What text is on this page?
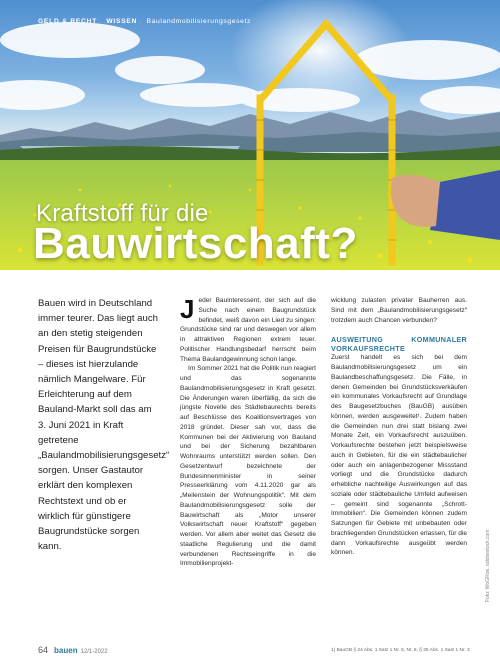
GELD & RECHT . WISSEN . Baulandmobilisierungsgesetz
Kraftstoff für die
Bauwirtschaft?
Bauen wird in Deutschland immer teurer. Das liegt auch an den stetig steigenden Preisen für Baugrundstücke – dieses ist hierzulande nämlich Mangelware. Für Erleichterung auf dem Bauland-Markt soll das am 3. Juni 2021 in Kraft getretene „Baulandmobilisierungsgesetz“ sorgen. Unser Gastautor erklärt den komplexen Rechtstext und ob er wirklich für günstigere Baugrundstücke sorgen kann.
J eder Bauinteressent, der sich auf die Suche nach einem Baugrundstück befindet, weiß davon ein Lied zu singen: Grundstücke sind rar und deswegen vor allem in attraktiven Regionen extrem teuer. Politischer Handlungsbedarf herrscht beim Thema Baulandgewinnung schon lange.

Im Sommer 2021 hat die Politik nun reagiert und das sogenannte Baulandmobilisierungsgesetz in Kraft gesetzt. Die Änderungen waren überfällig, da sich die jüngste Novelle des Städtebaurechts bereits auf Beschlüsse des Koalitionsvertrages von 2018 gründet. Dieser sah vor, dass die Kommunen bei der Aktivierung von Bauland und bei der Sicherung bezahlbaren Wohnraums unterstützt werden sollen. Den Gesetzentwurf bezeichnete der Bundesinnenminister in seiner Presseerklärung vom 4.11.2020 gar als „Meilenstein der Wohnungspolitik“. Mit dem Baulandmobilisierungsgesetz solle der Bauwirtschaft als „Motor unserer Volkswirtschaft neuer Kraftstoff“ gegeben werden. Vor allem aber weitet das Gesetz die staatliche Regulierung und die damit verbundenen Rechtseingriffe in die Immobilienprojekt-

wicklung zulasten privater Bauherren aus. Sind mit dem „Baulandmobilisierungsgesetz“ trotzdem auch Chancen verbunden?

AUSWEITUNG KOMMUNALER VORKAUFSRECHTE

Zuerst handelt es sich bei dem Baulandmobilisierungsgesetz um ein Baulandbeschaffungsgesetz. Die Fälle, in denen Gemeinden bei Grundstücksverkäufen ein kommunales Vorkaufsrecht auf Grundlage des Baugesetzbuches (BauGB) ausüben können, werden ausgeweitet¹. Zudem haben die Gemeinden nun drei statt bislang zwei Monate Zeit, ein Vorkaufsrecht auszuüben. Vorkaufsrechte bestehen jetzt beispielsweise auch in Gebieten, für die ein städtebaulicher oder auch ein anlagenbezogener Missstand vorliegt und die Grundstücke dadurch erhebliche nachteilige Auswirkungen auf das soziale oder städtebauliche Umfeld aufweisen – gemeint sind sogenannte „Schrott-Immobilien“. Die Gemeinden können zudem Satzungen für Gebiete mit unbebauten oder brachliegenden Grundstücken erlassen, für die dann Vorkaufsrechte ausgeübt werden können.

1) BauGB § 24 Abs. 1 Satz 1 Nr. 6, Nr. 8, § 25 Abs. 1 Satz 1 Nr. 3
Foto: WoGRoe, adobestock.com
64 bauen 12/1-2022
